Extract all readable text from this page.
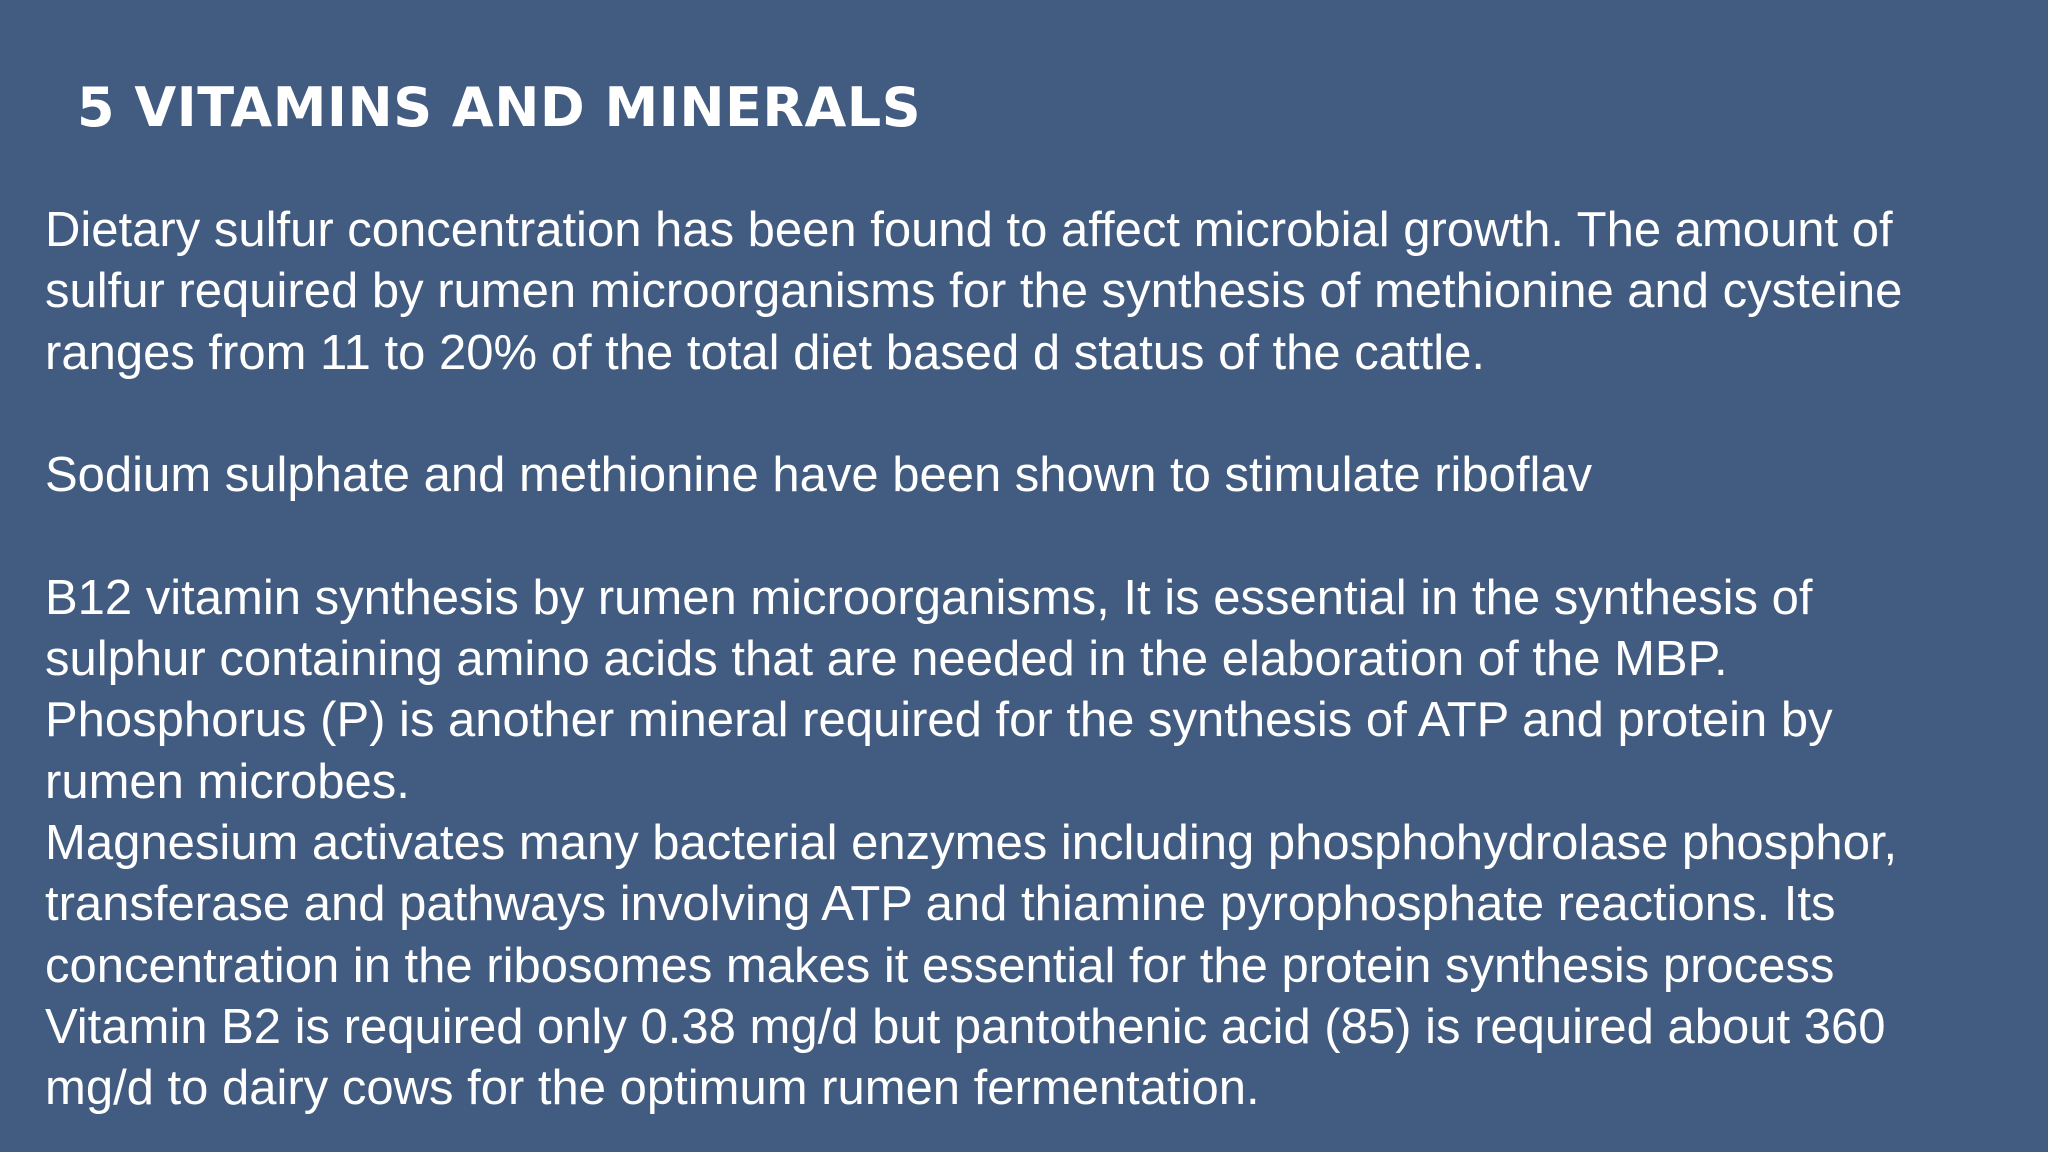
5 VITAMINS AND MINERALS

Dietary sulfur concentration has been found to affect microbial growth. The amount of
sulfur required by rumen microorganisms for the synthesis of methionine and cysteine
ranges from 11 to 20% of the total diet based d status of the cattle.

Sodium sulphate and methionine have been shown to stimulate riboflav

B12 vitamin synthesis by rumen microorganisms, It is essential in the synthesis of
sulphur containing amino acids that are needed in the elaboration of the MBP.
Phosphorus (P) is another mineral required for the synthesis of ATP and protein by
rumen microbes.
Magnesium activates many bacterial enzymes including phosphohydrolase phosphor,
transferase and pathways involving ATP and thiamine pyrophosphate reactions. Its
concentration in the ribosomes makes it essential for the protein synthesis process
Vitamin B2 is required only 0.38 mg/d but pantothenic acid (85) is required about 360
mg/d to dairy cows for the optimum rumen fermentation.
